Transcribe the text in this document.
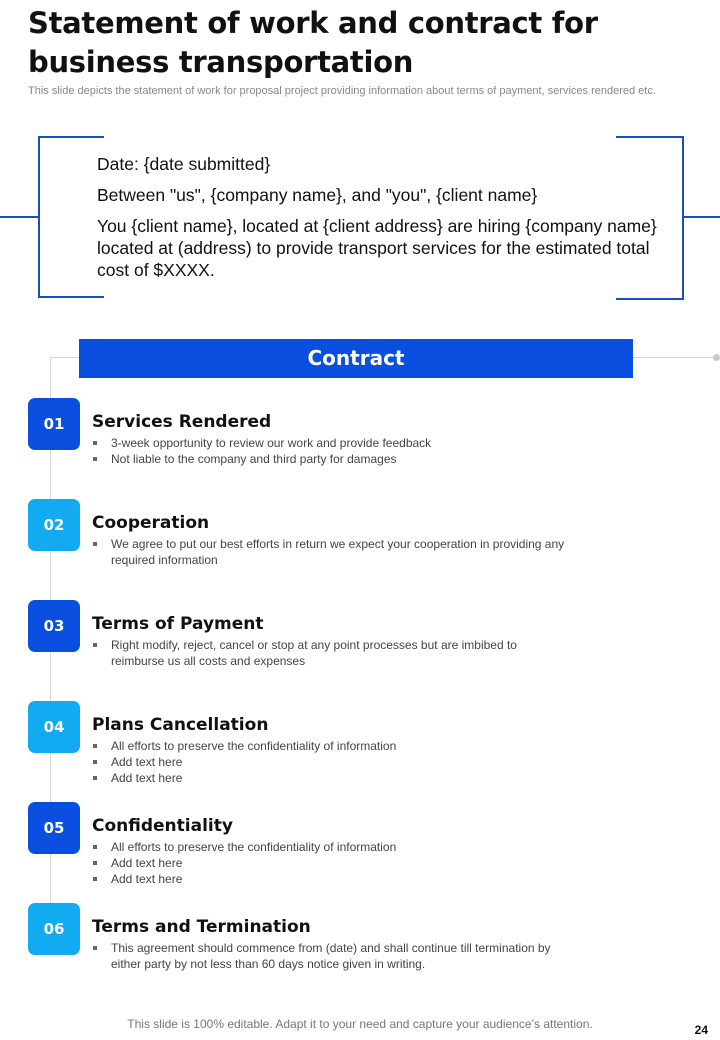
Statement of work and contract for business transportation
This slide depicts the statement of work for proposal project providing information about terms of payment, services rendered etc.

Date: {date submitted}

Between "us", {company name}, and "you", {client name}

You {client name}, located at {client address} are hiring {company name} located at (address) to provide transport services for the estimated total cost of $XXXX.

Contract
01	Services Rendered
3-week opportunity to review our work and provide feedback
Not liable to the company and third party for damages
02	Cooperation
We agree to put our best efforts in return we expect your cooperation in providing any required information
03	Terms of Payment
Right modify, reject, cancel or stop at any point processes but are imbibed to reimburse us all costs and expenses
04	Plans Cancellation
All efforts to preserve the confidentiality of information
Add text here
Add text here
05	Confidentiality
All efforts to preserve the confidentiality of information
Add text here
Add text here
06	Terms and Termination
This agreement should commence from (date) and shall continue till termination by either party by not less than 60 days notice given in writing.
This slide is 100% editable. Adapt it to your need and capture your audience’s attention.	24
